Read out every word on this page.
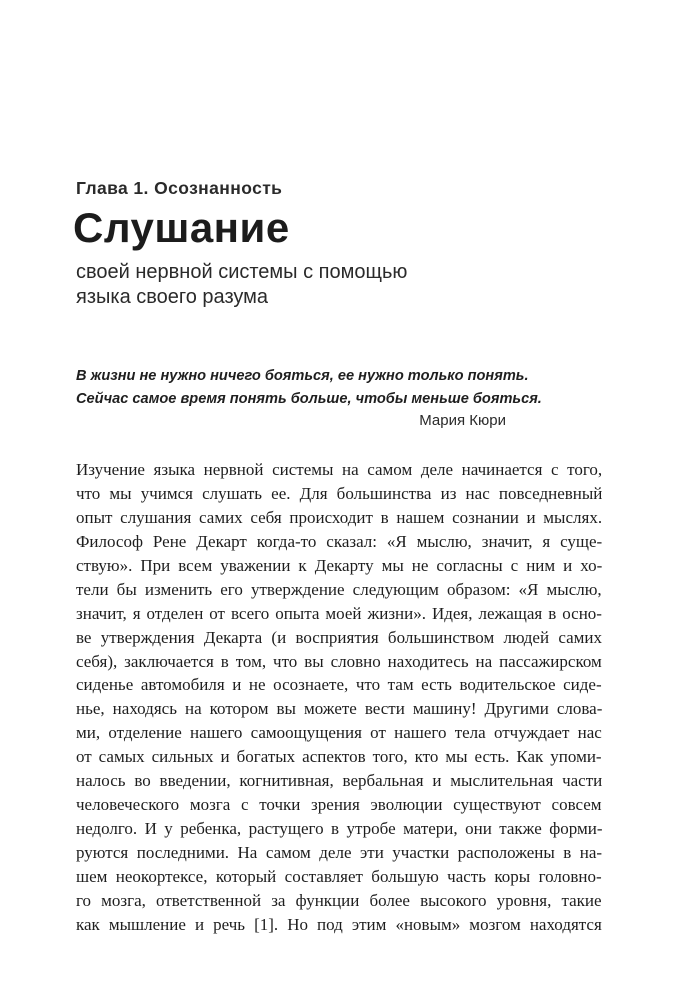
Глава 1. Осознанность
Слушание
своей нервной системы с помощью
языка своего разума
В жизни не нужно ничего бояться, ее нужно только понять.
Сейчас самое время понять больше, чтобы меньше бояться.
Мария Кюри
Изучение языка нервной системы на самом деле начинается с того,
что мы учимся слушать ее. Для большинства из нас повседневный
опыт слушания самих себя происходит в нашем сознании и мыслях.
Философ Рене Декарт когда-то сказал: «Я мыслю, значит, я суще-
ствую». При всем уважении к Декарту мы не согласны с ним и хо-
тели бы изменить его утверждение следующим образом: «Я мыслю,
значит, я отделен от всего опыта моей жизни». Идея, лежащая в осно-
ве утверждения Декарта (и восприятия большинством людей самих
себя), заключается в том, что вы словно находитесь на пассажирском
сиденье автомобиля и не осознаете, что там есть водительское сиде-
нье, находясь на котором вы можете вести машину! Другими слова-
ми, отделение нашего самоощущения от нашего тела отчуждает нас
от самых сильных и богатых аспектов того, кто мы есть. Как упоми-
налось во введении, когнитивная, вербальная и мыслительная части
человеческого мозга с точки зрения эволюции существуют совсем
недолго. И у ребенка, растущего в утробе матери, они также форми-
руются последними. На самом деле эти участки расположены в на-
шем неокортексе, который составляет большую часть коры головно-
го мозга, ответственной за функции более высокого уровня, такие
как мышление и речь [1]. Но под этим «новым» мозгом находятся
